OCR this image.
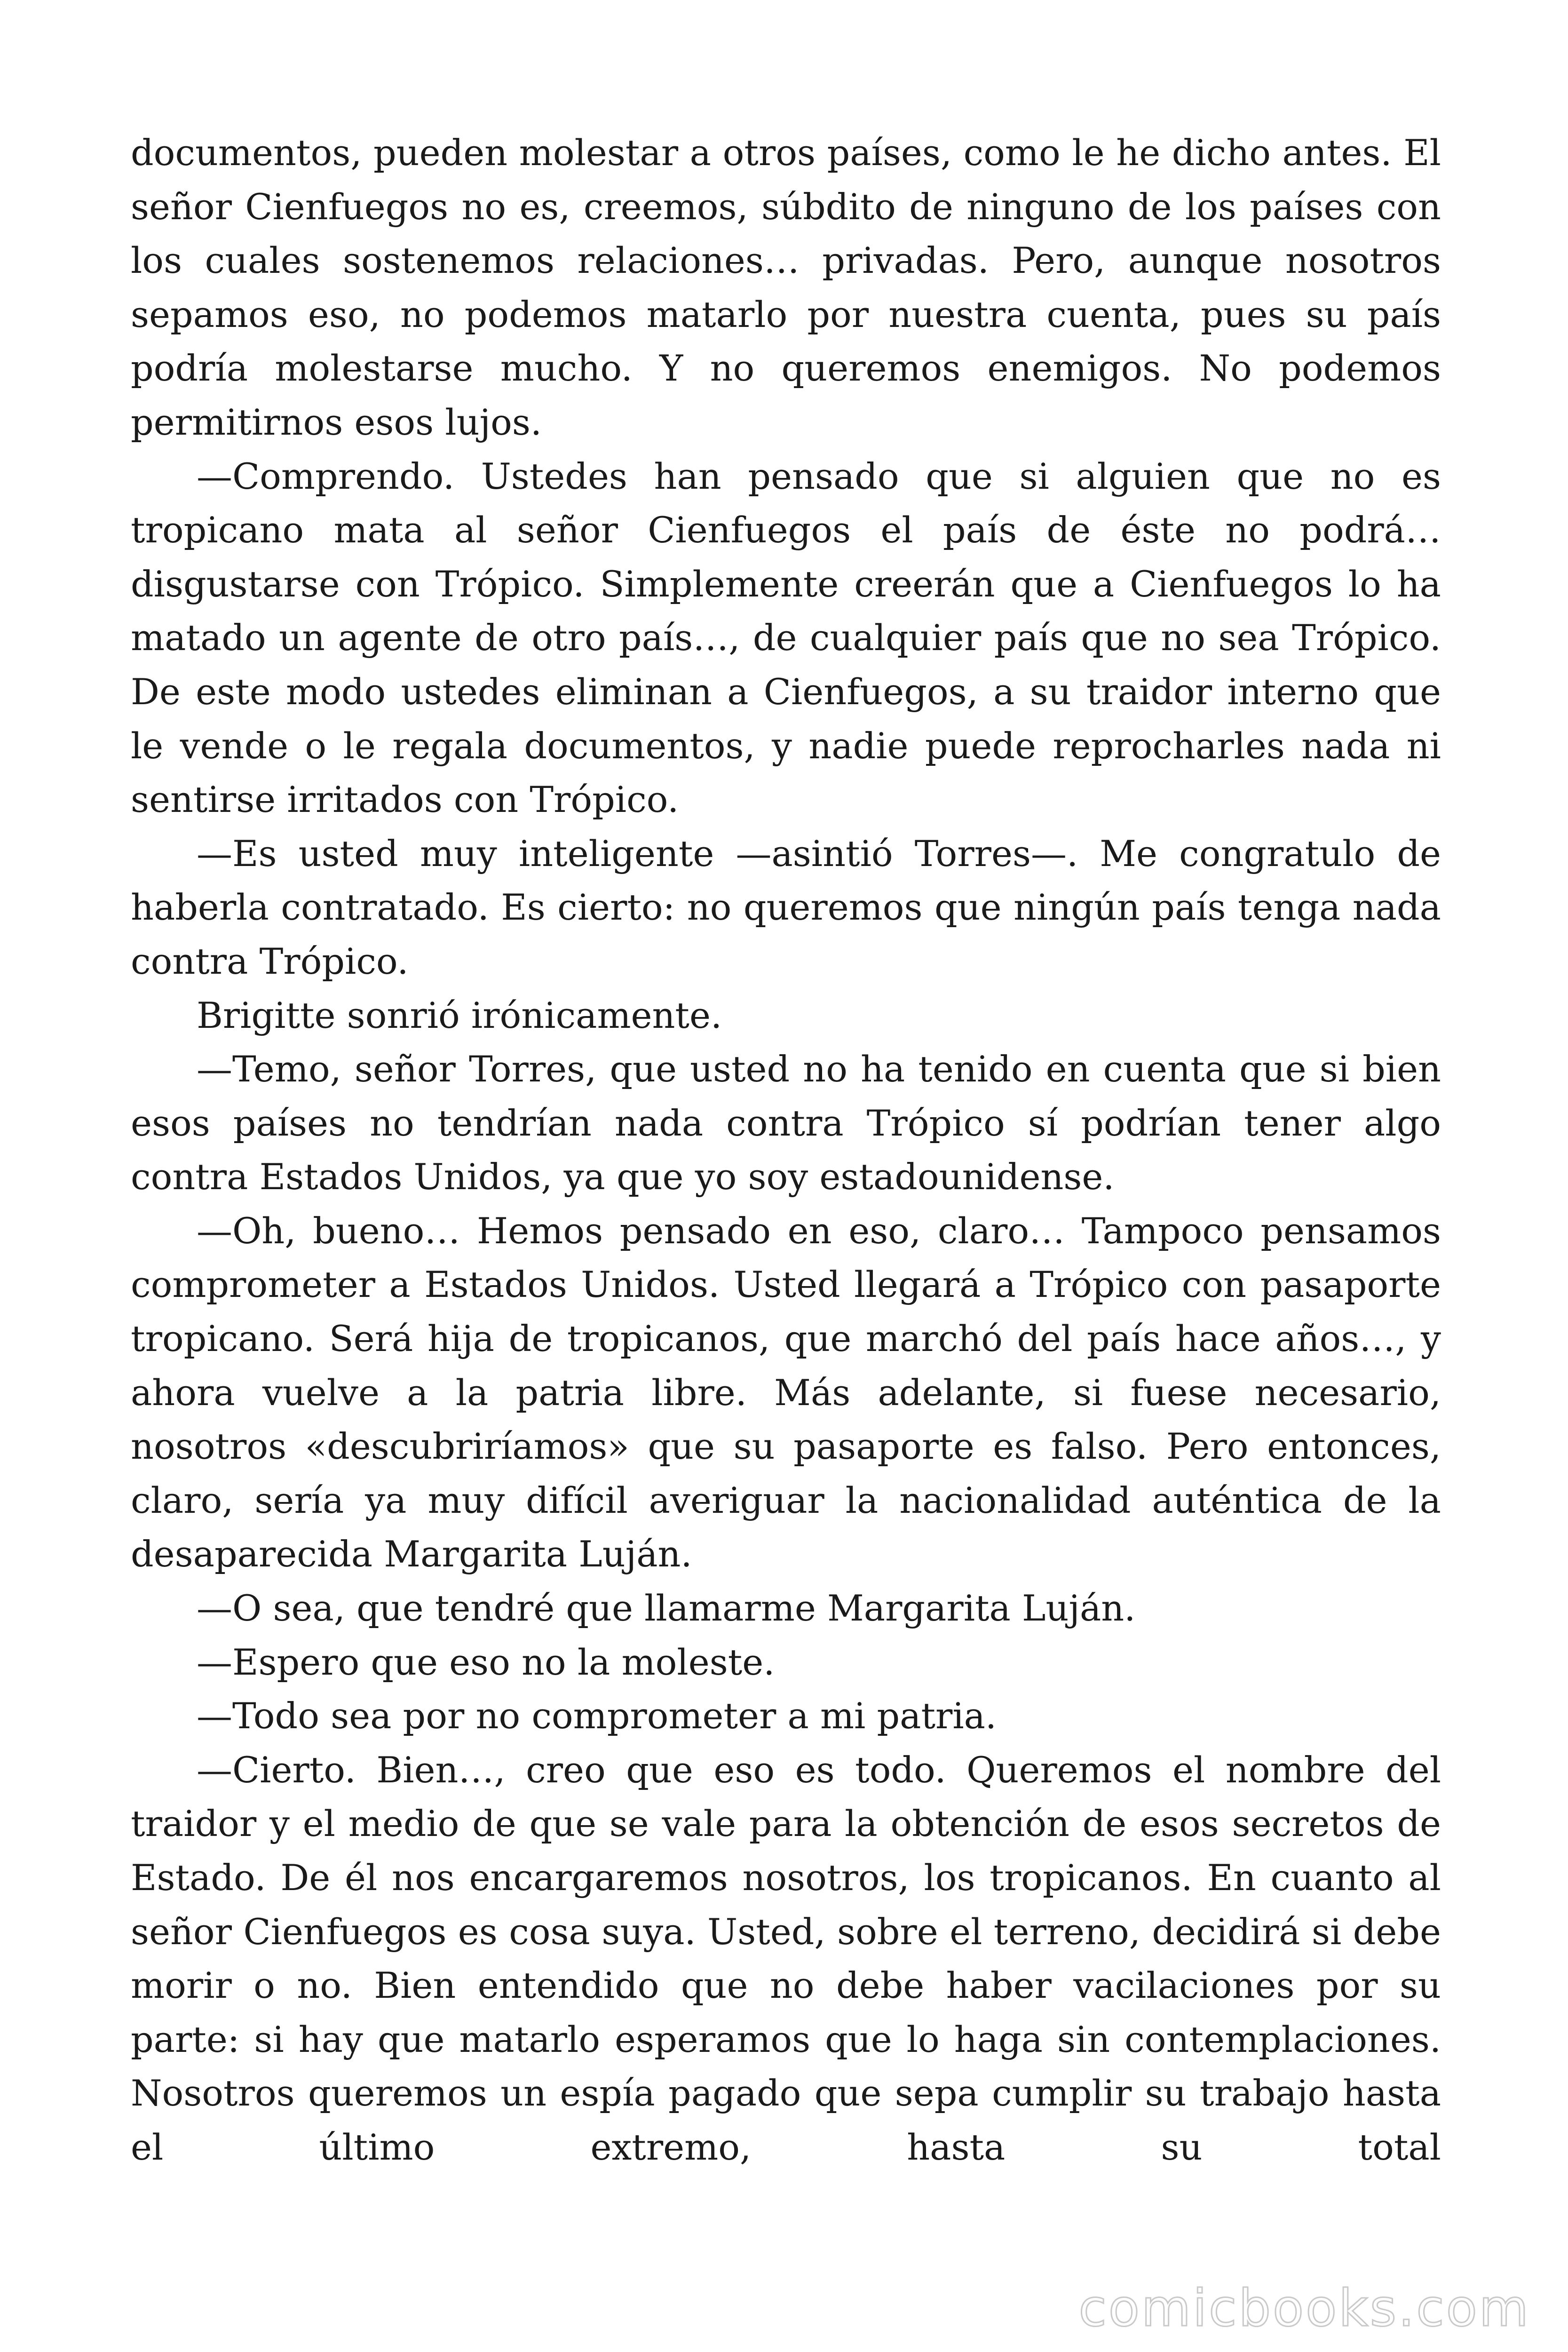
documentos, pueden molestar a otros países, como le he dicho antes. El señor Cienfuegos no es, creemos, súbdito de ninguno de los países con los cuales sostenemos relaciones… privadas. Pero, aunque nosotros sepamos eso, no podemos matarlo por nuestra cuenta, pues su país podría molestarse mucho. Y no queremos enemigos. No podemos permitirnos esos lujos.

—Comprendo. Ustedes han pensado que si alguien que no es tropicano mata al señor Cienfuegos el país de éste no podrá… disgustarse con Trópico. Simplemente creerán que a Cienfuegos lo ha matado un agente de otro país…, de cualquier país que no sea Trópico. De este modo ustedes eliminan a Cienfuegos, a su traidor interno que le vende o le regala documentos, y nadie puede reprocharles nada ni sentirse irritados con Trópico.

—Es usted muy inteligente —asintió Torres—. Me congratulo de haberla contratado. Es cierto: no queremos que ningún país tenga nada contra Trópico.

Brigitte sonrió irónicamente.

—Temo, señor Torres, que usted no ha tenido en cuenta que si bien esos países no tendrían nada contra Trópico sí podrían tener algo contra Estados Unidos, ya que yo soy estadounidense.

—Oh, bueno… Hemos pensado en eso, claro… Tampoco pensamos comprometer a Estados Unidos. Usted llegará a Trópico con pasaporte tropicano. Será hija de tropicanos, que marchó del país hace años…, y ahora vuelve a la patria libre. Más adelante, si fuese necesario, nosotros «descubriríamos» que su pasaporte es falso. Pero entonces, claro, sería ya muy difícil averiguar la nacionalidad auténtica de la desaparecida Margarita Luján.

—O sea, que tendré que llamarme Margarita Luján.

—Espero que eso no la moleste.

—Todo sea por no comprometer a mi patria.

—Cierto. Bien…, creo que eso es todo. Queremos el nombre del traidor y el medio de que se vale para la obtención de esos secretos de Estado. De él nos encargaremos nosotros, los tropicanos. En cuanto al señor Cienfuegos es cosa suya. Usted, sobre el terreno, decidirá si debe morir o no. Bien entendido que no debe haber vacilaciones por su parte: si hay que matarlo esperamos que lo haga sin contemplaciones. Nosotros queremos un espía pagado que sepa cumplir su trabajo hasta el último extremo, hasta su total

comicbooks.com
